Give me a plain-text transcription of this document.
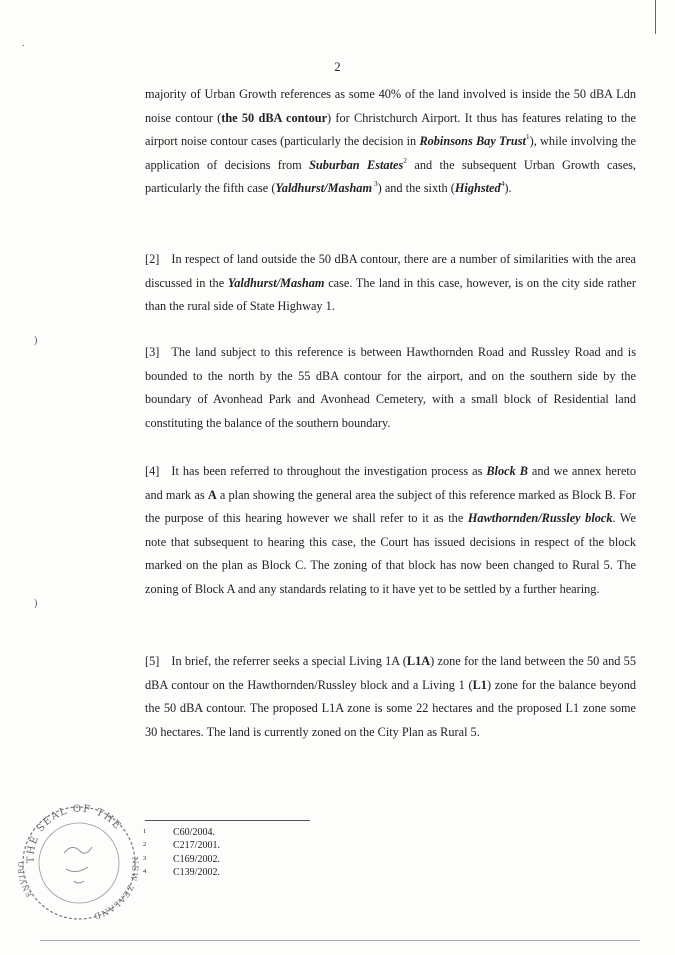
.
)
)
2

majority of Urban Growth references as some 40% of the land involved is inside the 50 dBA Ldn noise contour (the 50 dBA contour) for Christchurch Airport. It thus has features relating to the airport noise contour cases (particularly the decision in Robinsons Bay Trust$^1$), while involving the application of decisions from Suburban Estates$^2$ and the subsequent Urban Growth cases, particularly the fifth case (Yaldhurst/Masham $^3$) and the sixth (Highsted$^4$).

[2] In respect of land outside the 50 dBA contour, there are a number of similarities with the area discussed in the Yaldhurst/Masham case. The land in this case, however, is on the city side rather than the rural side of State Highway 1.

[3] The land subject to this reference is between Hawthornden Road and Russley Road and is bounded to the north by the 55 dBA contour for the airport, and on the southern side by the boundary of Avonhead Park and Avonhead Cemetery, with a small block of Residential land constituting the balance of the southern boundary.

[4] It has been referred to throughout the investigation process as Block B and we annex hereto and mark as A a plan showing the general area the subject of this reference marked as Block B. For the purpose of this hearing however we shall refer to it as the Hawthornden/Russley block. We note that subsequent to hearing this case, the Court has issued decisions in respect of the block marked on the plan as Block C. The zoning of that block has now been changed to Rural 5. The zoning of Block A and any standards relating to it have yet to be settled by a further hearing.

[5] In brief, the referrer seeks a special Living 1A (L1A) zone for the land between the 50 and 55 dBA contour on the Hawthornden/Russley block and a Living 1 (L1) zone for the balance beyond the 50 dBA contour. The proposed L1A zone is some 22 hectares and the proposed L1 zone some 30 hectares. The land is currently zoned on the City Plan as Rural 5.

1	C60/2004.
2	C217/2001.
3	C169/2002.
4	C139/2002.
THE SEAL OF THE
NEW ZEALAND
ENVIRO
